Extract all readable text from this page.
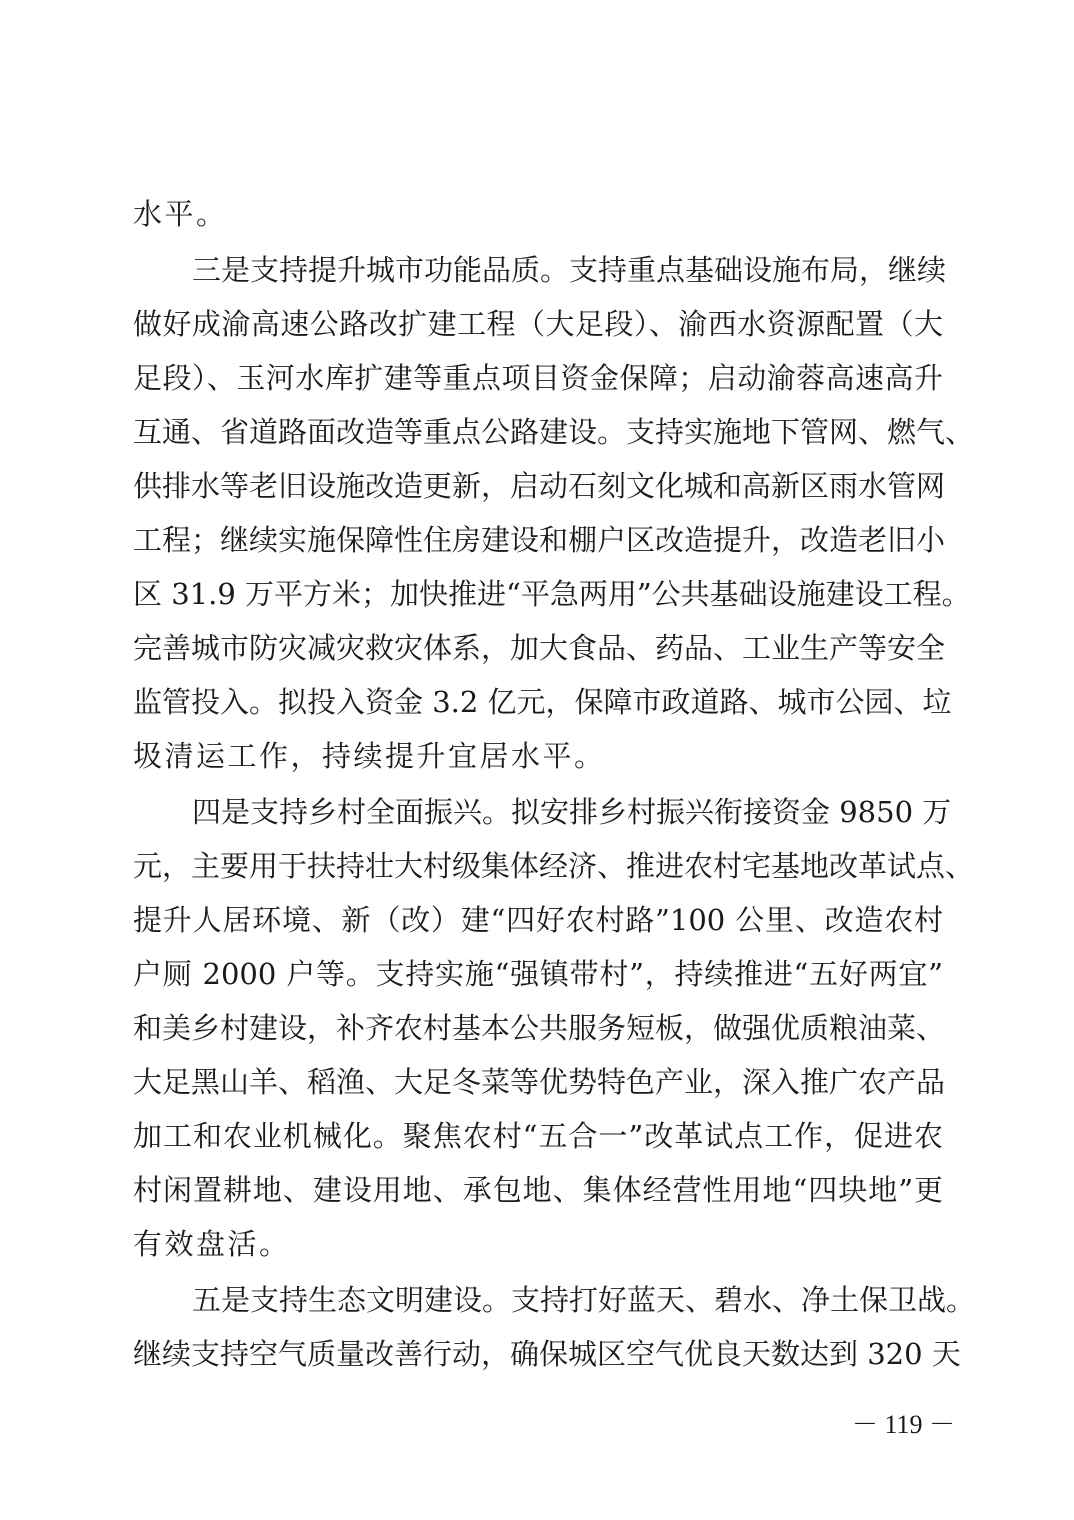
水平。
三是支持提升城市功能品质。支持重点基础设施布局，继续
做好成渝高速公路改扩建工程（大足段）、渝西水资源配置（大
足段）、玉河水库扩建等重点项目资金保障；启动渝蓉高速高升
互通、省道路面改造等重点公路建设。支持实施地下管网、燃气、
供排水等老旧设施改造更新，启动石刻文化城和高新区雨水管网
工程；继续实施保障性住房建设和棚户区改造提升，改造老旧小
区 31.9 万平方米；加快推进“平急两用”公共基础设施建设工程。
完善城市防灾减灾救灾体系，加大食品、药品、工业生产等安全
监管投入。拟投入资金 3.2 亿元，保障市政道路、城市公园、垃
圾清运工作，持续提升宜居水平。
四是支持乡村全面振兴。拟安排乡村振兴衔接资金 9850 万
元，主要用于扶持壮大村级集体经济、推进农村宅基地改革试点、
提升人居环境、新（改）建“四好农村路”100 公里、改造农村
户厕 2000 户等。支持实施“强镇带村”，持续推进“五好两宜”
和美乡村建设，补齐农村基本公共服务短板，做强优质粮油菜、
大足黑山羊、稻渔、大足冬菜等优势特色产业，深入推广农产品
加工和农业机械化。聚焦农村“五合一”改革试点工作，促进农
村闲置耕地、建设用地、承包地、集体经营性用地“四块地”更
有效盘活。
五是支持生态文明建设。支持打好蓝天、碧水、净土保卫战。
继续支持空气质量改善行动，确保城区空气优良天数达到 320 天
－ 119 －
